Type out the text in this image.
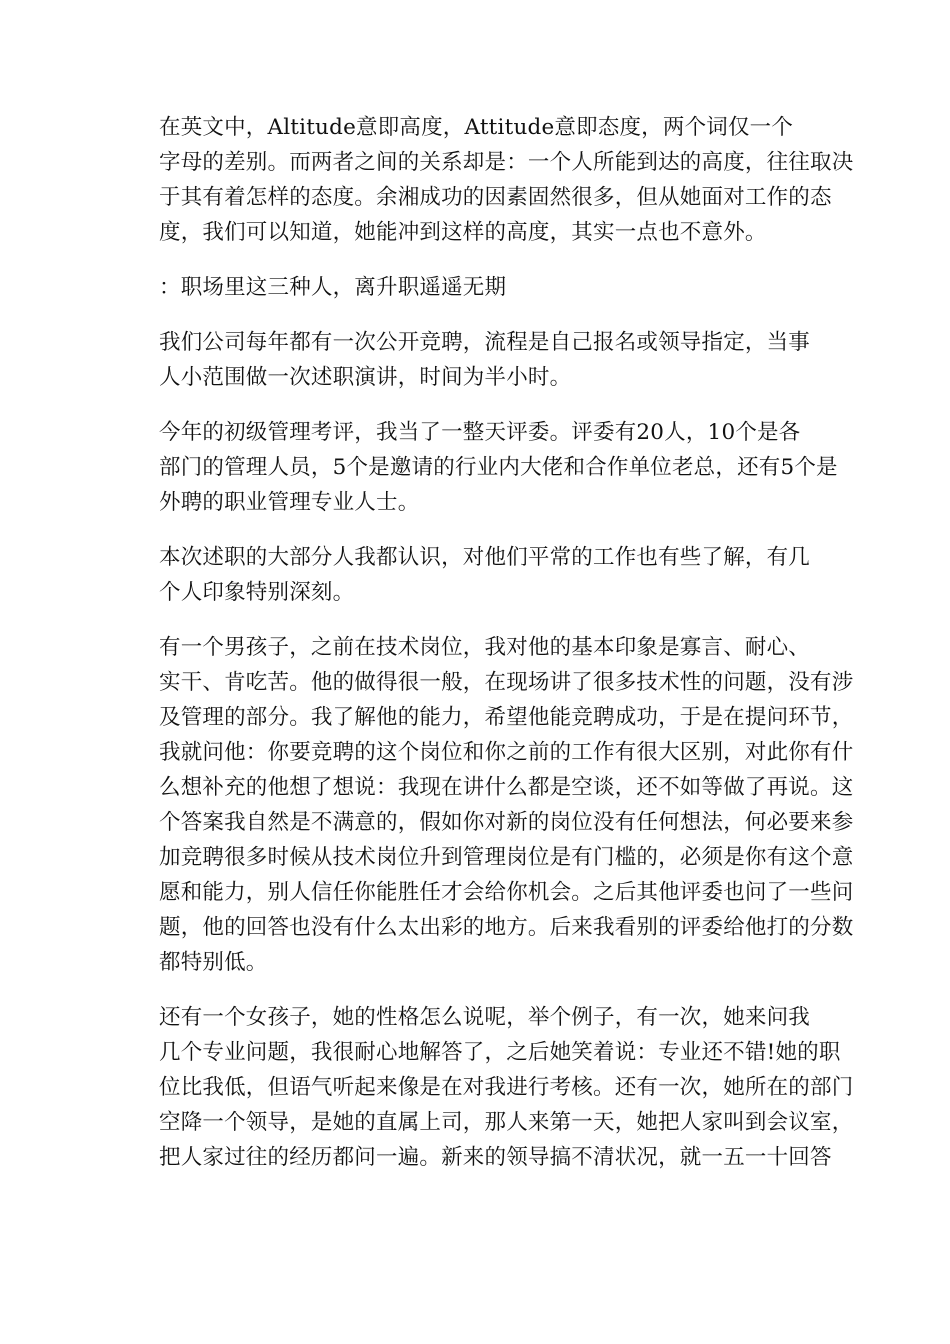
在英文中，Altitude意即高度，Attitude意即态度，两个词仅一个
字母的差别。而两者之间的关系却是：一个人所能到达的高度，往往取决
于其有着怎样的态度。余湘成功的因素固然很多，但从她面对工作的态
度，我们可以知道，她能冲到这样的高度，其实一点也不意外。
：职场里这三种人，离升职遥遥无期
我们公司每年都有一次公开竞聘，流程是自己报名或领导指定，当事
人小范围做一次述职演讲，时间为半小时。
今年的初级管理考评，我当了一整天评委。评委有20人，10个是各
部门的管理人员，5个是邀请的行业内大佬和合作单位老总，还有5个是
外聘的职业管理专业人士。
本次述职的大部分人我都认识，对他们平常的工作也有些了解，有几
个人印象特别深刻。
有一个男孩子，之前在技术岗位，我对他的基本印象是寡言、耐心、
实干、肯吃苦。他的做得很一般，在现场讲了很多技术性的问题，没有涉
及管理的部分。我了解他的能力，希望他能竞聘成功，于是在提问环节，
我就问他：你要竞聘的这个岗位和你之前的工作有很大区别，对此你有什
么想补充的他想了想说：我现在讲什么都是空谈，还不如等做了再说。这
个答案我自然是不满意的，假如你对新的岗位没有任何想法，何必要来参
加竞聘很多时候从技术岗位升到管理岗位是有门槛的，必须是你有这个意
愿和能力，别人信任你能胜任才会给你机会。之后其他评委也问了一些问
题，他的回答也没有什么太出彩的地方。后来我看别的评委给他打的分数
都特别低。
还有一个女孩子，她的性格怎么说呢，举个例子，有一次，她来问我
几个专业问题，我很耐心地解答了，之后她笑着说：专业还不错!她的职
位比我低，但语气听起来像是在对我进行考核。还有一次，她所在的部门
空降一个领导，是她的直属上司，那人来第一天，她把人家叫到会议室，
把人家过往的经历都问一遍。新来的领导搞不清状况，就一五一十回答
